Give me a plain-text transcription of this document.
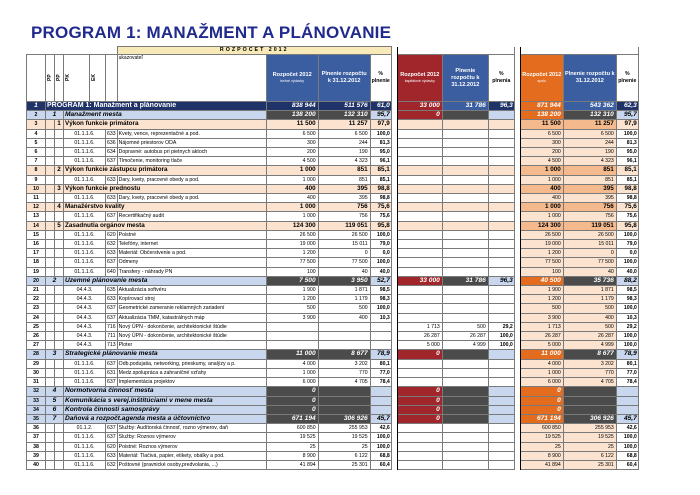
PROGRAM 1: MANAŽMENT A PLÁNOVANIE
						ROZPOČET 2012											

	PP	PP	PK	EK		ukazovateľ	Rozpočet 2012
bežné výdavky	Plnenie rozpočtu k 31.12.2012	% plnenie		Rozpočet 2012
kapitálové výdavky	Plnenie rozpočtu k 31.12.2012	% plnenia		Rozpočet 2012
spolu	Plnenie rozpočtu k 31.12.2012	% plnenie
1	PROGRAM 1: Manažment a plánovanie						838 944	511 576	61,0		33 000	31 786	96,3		871 944	543 362	62,3
2	1		Manažment mesta				138 200	132 310	95,7		0				138 200	132 310	95,7
3		1	Výkon funkcie primátora				11 500	11 257	97,9						11 500	11 257	97,9
4			01.1.1.6.		633	Kvety, vence, reprezentačné a pod.	6 500	6 500	100,0						6 500	6 500	100,0
5			01.1.1.6.		636	Nájomné priestorov ODA	300	244	81,3						300	244	81,3
6			01.1.1.6.		634	Dopravné: autobus pri pietnych aktoch	200	190	95,0						200	190	95,0
7			01.1.1.6.		637	Tlmočenie, monitoring tlače	4 500	4 323	96,1						4 500	4 323	96,1
8		2	Výkon funkcie zástupcu primátora				1 000	851	85,1						1 000	851	85,1
9			01.1.1.6.		633	Dary, kvety, pracovné obedy a pod.	1 000	851	85,1						1 000	851	85,1
10		3	Výkon funkcie prednostu				400	395	98,8						400	395	98,8
11			01.1.1.6.		633	Dary, kvety, pracovné obedy a pod.	400	395	98,8						400	395	98,8
12		4	Manažérstvo kvality				1 000	756	75,6						1 000	756	75,6
13			01.1.1.6.		637	Recertifikačný audit	1 000	756	75,6						1 000	756	75,6
14		5	Zasadnutia orgánov mesta				124 300	119 051	95,8						124 300	119 051	95,8
15			01.1.1.6.		620	Poistné	26 500	26 500	100,0						26 500	26 500	100,0
16			01.1.1.6.		632	Telefóny, internet	19 000	15 011	79,0						19 000	15 011	79,0
17			01.1.1.6.		633	Materiál: Občerstvenie a pod.	1 200	0	0,0						1 200	0	0,0
18			01.1.1.6.		637	Odmeny	77 500	77 500	100,0						77 500	77 500	100,0
19			01.1.1.6.		640	Transfery - náhrady PN	100	40	40,0						100	40	40,0
20	2		Územné plánovanie mesta				7 500	3 950	52,7		33 000	31 786	96,3		40 500	35 736	88,2
21			04.4.3.		635	Aktualizácia softvéru	1 900	1 871	98,5						1 900	1 871	98,5
22			04.4.3.		633	Kopírovací stroj	1 200	1 179	98,3						1 200	1 179	98,3
23			04.4.3.		637	Geometrické zameranie reklamných zariadení	500	500	100,0						500	500	100,0
24			04.4.3.		637	Aktualizácia TMM, katastrálnych máp	3 900	400	10,3						3 900	400	10,3
25			04.4.3.		716	Nový ÚPN - dokončenie, architektonické štúdie					1 713	500	29,2		1 713	500	29,2
26			04.4.3.		711	Nový ÚPN - dokončenie, architektonické štúdie					26 287	26 287	100,0		26 287	26 287	100,0
27			04.4.3.		713	Ploter					5 000	4 999	100,0		5 000	4 999	100,0
28	3		Strategické plánovanie mesta				11 000	8 677	78,9		0				11 000	8 677	78,9
29			01.1.1.6.		637	Odb.podujatia, networking, prieskumy, analýzy a p.	4 000	3 202	80,1						4 000	3 202	80,1
30			01.1.1.6.		631	Medz.spolupráca a zahraničné vzťahy	1 000	770	77,0						1 000	770	77,0
31			01.1.1.6.		637	Implementácia projektov	6 000	4 705	78,4						6 000	4 705	78,4
32	4		Normotvorná činnosť mesta				0				0				0		
33	5		Komunikácia s verej.inštitúciami v mene mesta				0				0				0		
34	6		Kontrola činnosti samosprávy				0				0				0		
35	7		Daňová a rozpočt.agenda mesta a účtovníctvo				671 194	306 926	45,7		0				671 194	306 926	45,7
36			01.1.2.		637	Služby: Audítorská činnosť, rozno výmerov, daň	600 850	255 953	42,6						600 850	255 953	42,6
37			01.1.1.6.		637	Služby: Roznos výmerov	19 525	19 525	100,0						19 525	19 525	100,0
38			01.1.1.6.		620	Poistné: Roznos výmerov	25	25	100,0						25	25	100,0
39			01.1.1.6.		633	Materiál: Tlačivá, papier, etikety, obálky a pod.	8 900	6 122	68,8						8 900	6 122	68,8
40			01.1.1.6.		632	Poštovné (pravnické osoby,predvolania, ...)	41 894	25 301	60,4						41 894	25 301	60,4
